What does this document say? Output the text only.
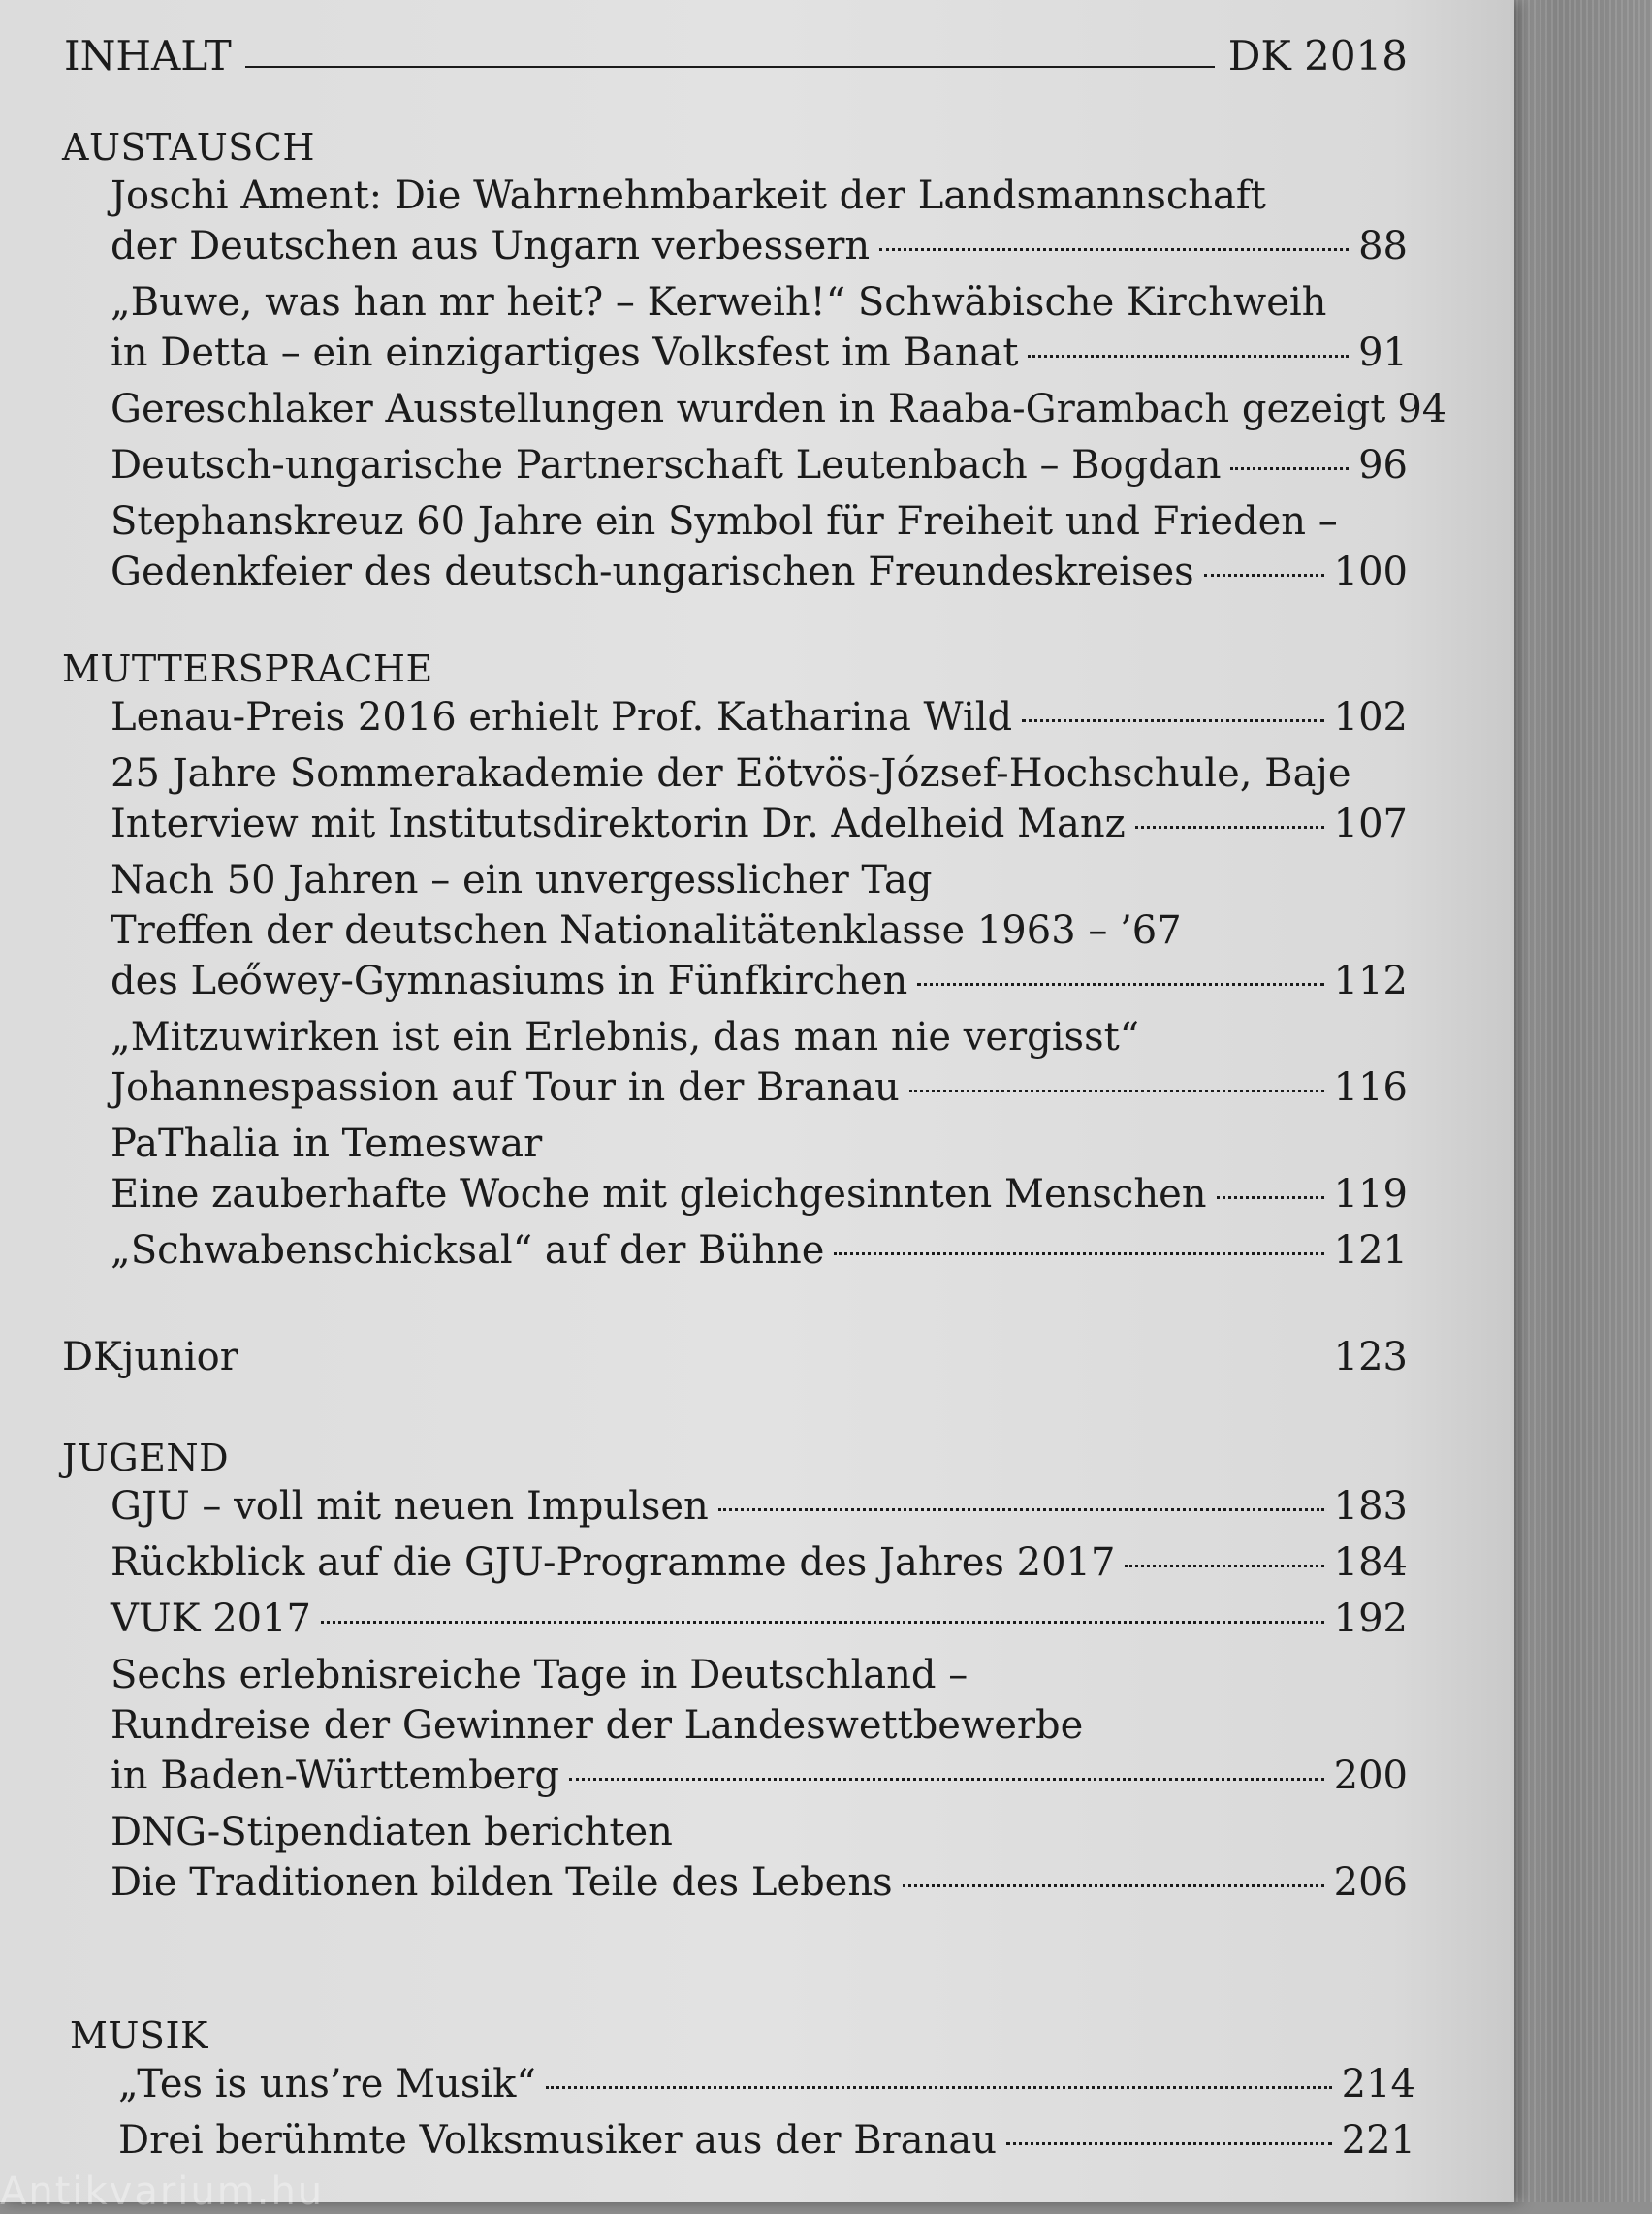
INHALT	DK 2018
AUSTAUSCH
Joschi Ament: Die Wahrnehmbarkeit der Landsmannschaft
der Deutschen aus Ungarn verbessern	88
„Buwe, was han mr heit? – Kerweih!“ Schwäbische Kirchweih
in Detta – ein einzigartiges Volksfest im Banat	91
Gereschlaker Ausstellungen wurden in Raaba-Grambach gezeigt 94
Deutsch-ungarische Partnerschaft Leutenbach – Bogdan	96
Stephanskreuz 60 Jahre ein Symbol für Freiheit und Frieden –
Gedenkfeier des deutsch-ungarischen Freundeskreises	100
MUTTERSPRACHE
Lenau-Preis 2016 erhielt Prof. Katharina Wild	102
25 Jahre Sommerakademie der Eötvös-József-Hochschule, Baje
Interview mit Institutsdirektorin Dr. Adelheid Manz	107
Nach 50 Jahren – ein unvergesslicher Tag
Treffen der deutschen Nationalitätenklasse 1963 – ’67
des Leőwey-Gymnasiums in Fünfkirchen	112
„Mitzuwirken ist ein Erlebnis, das man nie vergisst“
Johannespassion auf Tour in der Branau	116
PaThalia in Temeswar
Eine zauberhafte Woche mit gleichgesinnten Menschen	119
„Schwabenschicksal“ auf der Bühne	121
DKjunior	123
JUGEND
GJU – voll mit neuen Impulsen	183
Rückblick auf die GJU-Programme des Jahres 2017	184
VUK 2017	192
Sechs erlebnisreiche Tage in Deutschland –
Rundreise der Gewinner der Landeswettbewerbe
in Baden-Württemberg	200
DNG-Stipendiaten berichten
Die Traditionen bilden Teile des Lebens	206
MUSIK
„Tes is uns’re Musik“	214
Drei berühmte Volksmusiker aus der Branau	221
Antikvarium.hu
